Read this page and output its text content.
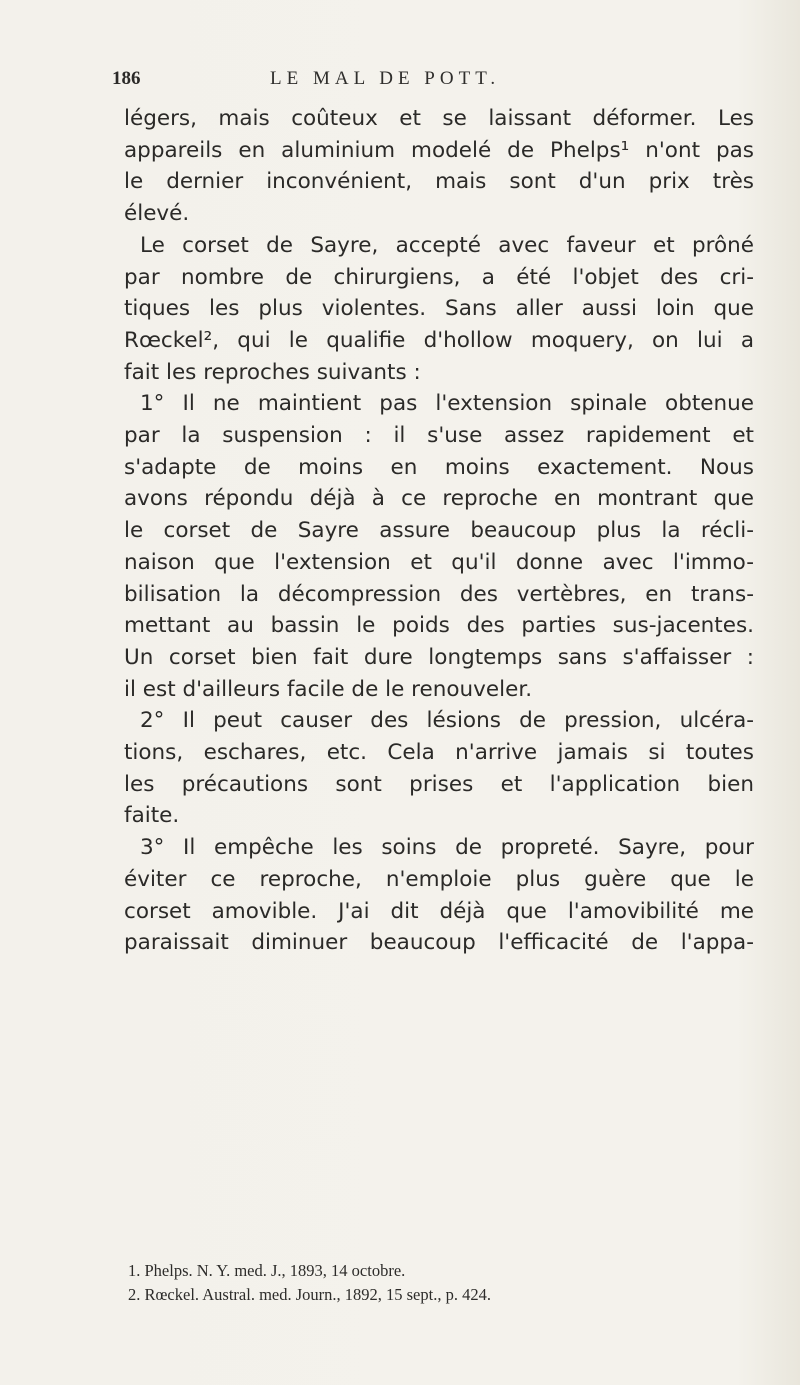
186	LE MAL DE POTT.
légers, mais coûteux et se laissant déformer. Les
appareils en aluminium modelé de Phelps¹ n'ont pas
le dernier inconvénient, mais sont d'un prix très
élevé.
Le corset de Sayre, accepté avec faveur et prôné
par nombre de chirurgiens, a été l'objet des cri-
tiques les plus violentes. Sans aller aussi loin que
Rœckel², qui le qualifie d'hollow moquery, on lui a
fait les reproches suivants :
1° Il ne maintient pas l'extension spinale obtenue
par la suspension : il s'use assez rapidement et
s'adapte de moins en moins exactement. Nous
avons répondu déjà à ce reproche en montrant que
le corset de Sayre assure beaucoup plus la récli-
naison que l'extension et qu'il donne avec l'immo-
bilisation la décompression des vertèbres, en trans-
mettant au bassin le poids des parties sus-jacentes.
Un corset bien fait dure longtemps sans s'affaisser :
il est d'ailleurs facile de le renouveler.
2° Il peut causer des lésions de pression, ulcéra-
tions, eschares, etc. Cela n'arrive jamais si toutes
les précautions sont prises et l'application bien
faite.
3° Il empêche les soins de propreté. Sayre, pour
éviter ce reproche, n'emploie plus guère que le
corset amovible. J'ai dit déjà que l'amovibilité me
paraissait diminuer beaucoup l'efficacité de l'appa-
1. Phelps. N. Y. med. J., 1893, 14 octobre.
2. Rœckel. Austral. med. Journ., 1892, 15 sept., p. 424.
